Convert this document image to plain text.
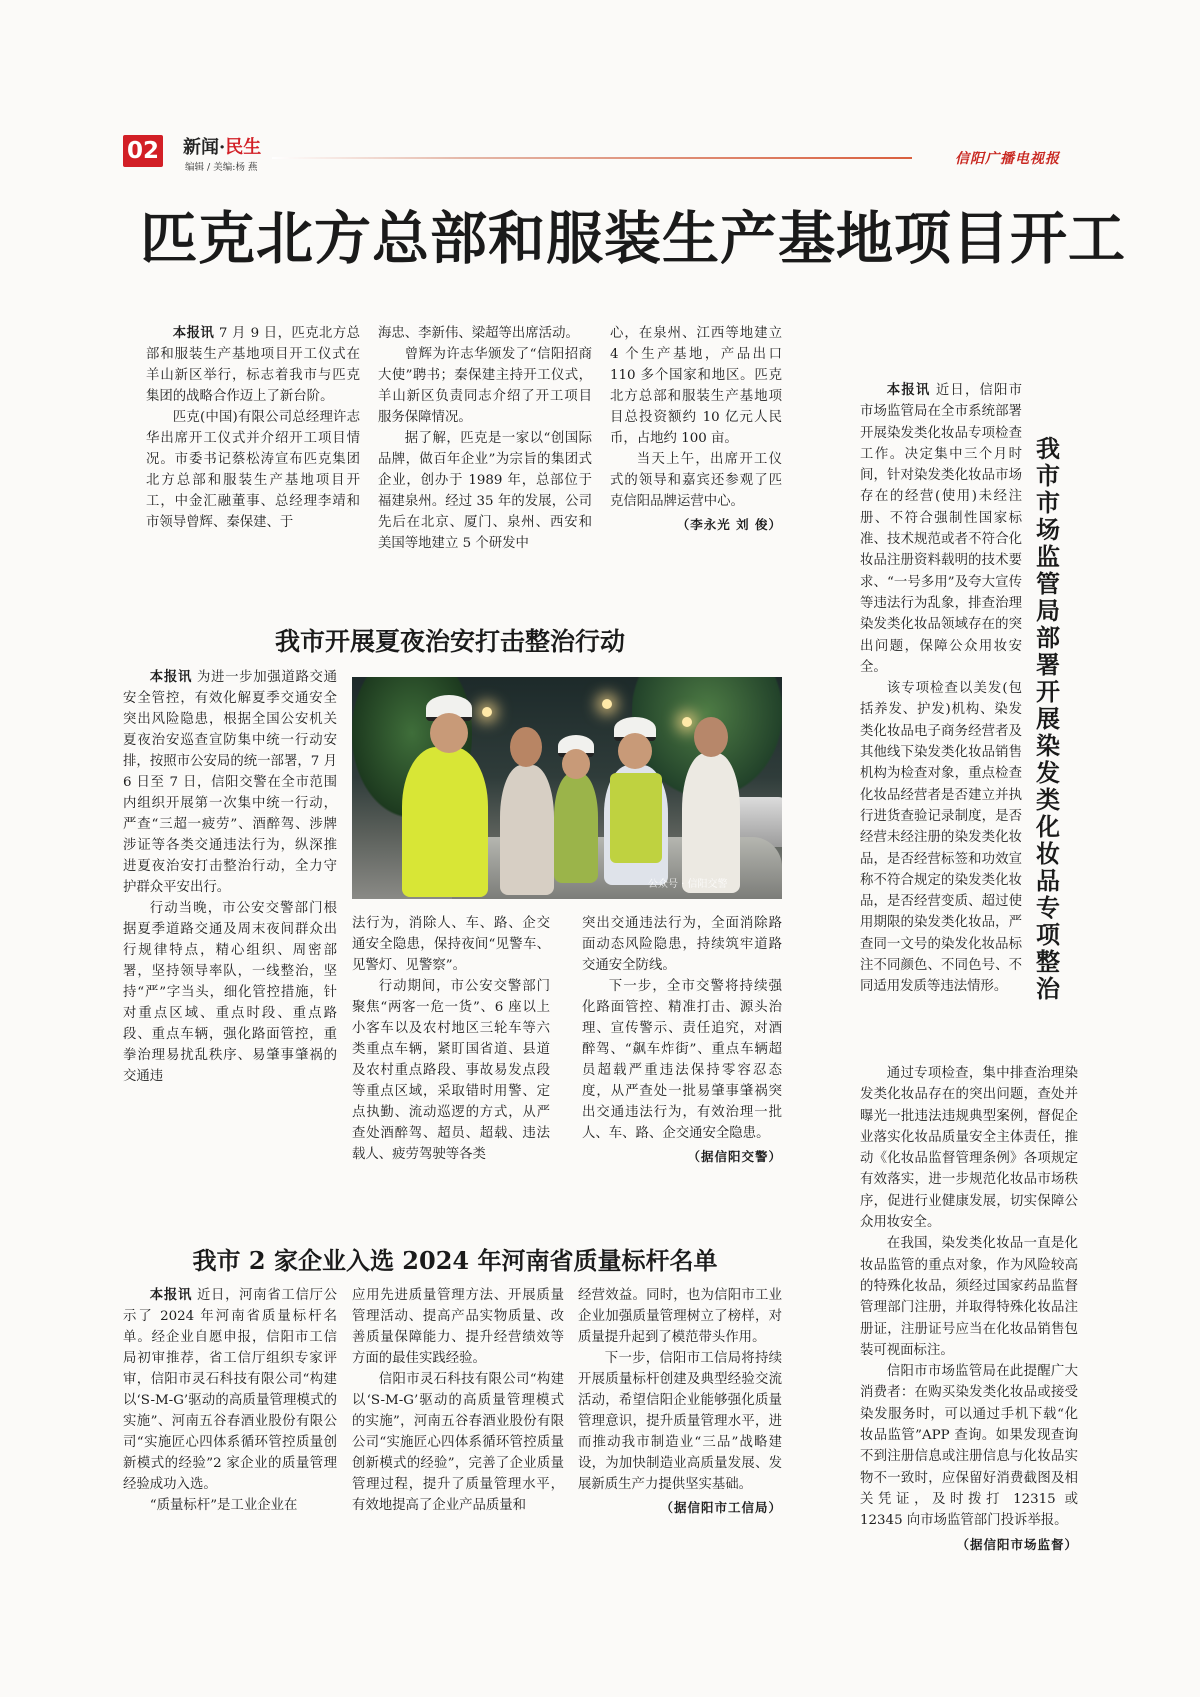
02 新闻·民生
编辑 / 美编:杨 燕
信阳广播电视报
匹克北方总部和服装生产基地项目开工

本报讯 7 月 9 日，匹克北方总部和服装生产基地项目开工仪式在羊山新区举行，标志着我市与匹克集团的战略合作迈上了新台阶。

匹克(中国)有限公司总经理许志华出席开工仪式并介绍开工项目情况。市委书记蔡松涛宣布匹克集团北方总部和服装生产基地项目开工，中金汇融董事、总经理李靖和市领导曾辉、秦保建、于

海忠、李新伟、梁超等出席活动。

曾辉为许志华颁发了“信阳招商大使”聘书；秦保建主持开工仪式，羊山新区负责同志介绍了开工项目服务保障情况。

据了解，匹克是一家以“创国际品牌，做百年企业”为宗旨的集团式企业，创办于 1989 年，总部位于福建泉州。经过 35 年的发展，公司先后在北京、厦门、泉州、西安和美国等地建立 5 个研发中

心，在泉州、江西等地建立 4 个生产基地，产品出口 110 多个国家和地区。匹克北方总部和服装生产基地项目总投资额约 10 亿元人民币，占地约 100 亩。

当天上午，出席开工仪式的领导和嘉宾还参观了匹克信阳品牌运营中心。

（李永光 刘 俊）
我市开展夏夜治安打击整治行动

本报讯 为进一步加强道路交通安全管控，有效化解夏季交通安全突出风险隐患，根据全国公安机关夏夜治安巡查宣防集中统一行动安排，按照市公安局的统一部署，7 月 6 日至 7 日，信阳交警在全市范围内组织开展第一次集中统一行动，严查“三超一疲劳”、酒醉驾、涉牌涉证等各类交通违法行为，纵深推进夏夜治安打击整治行动，全力守护群众平安出行。

行动当晚，市公安交警部门根据夏季道路交通及周末夜间群众出行规律特点，精心组织、周密部署，坚持领导率队，一线整治，坚持“严”字当头，细化管控措施，针对重点区域、重点时段、重点路段、重点车辆，强化路面管控，重拳治理易扰乱秩序、易肇事肇祸的交通违

公众号 · 信阳交警

法行为，消除人、车、路、企交通安全隐患，保持夜间“见警车、见警灯、见警察”。

行动期间，市公安交警部门聚焦“两客一危一货”、6 座以上小客车以及农村地区三轮车等六类重点车辆，紧盯国省道、县道及农村重点路段、事故易发点段等重点区域，采取错时用警、定点执勤、流动巡逻的方式，从严查处酒醉驾、超员、超载、违法载人、疲劳驾驶等各类

突出交通违法行为，全面消除路面动态风险隐患，持续筑牢道路交通安全防线。

下一步，全市交警将持续强化路面管控、精准打击、源头治理、宣传警示、责任追究，对酒醉驾、“飙车炸街”、重点车辆超员超载严重违法保持零容忍态度，从严查处一批易肇事肇祸突出交通违法行为，有效治理一批人、车、路、企交通安全隐患。

（据信阳交警）
我市 2 家企业入选 2024 年河南省质量标杆名单

本报讯 近日，河南省工信厅公示了 2024 年河南省质量标杆名单。经企业自愿申报，信阳市工信局初审推荐，省工信厅组织专家评审，信阳市灵石科技有限公司“构建以‘S-M-G’驱动的高质量管理模式的实施”、河南五谷春酒业股份有限公司“实施匠心四体系循环管控质量创新模式的经验”2 家企业的质量管理经验成功入选。

“质量标杆”是工业企业在

应用先进质量管理方法、开展质量管理活动、提高产品实物质量、改善质量保障能力、提升经营绩效等方面的最佳实践经验。

信阳市灵石科技有限公司“构建以‘S-M-G’驱动的高质量管理模式的实施”，河南五谷春酒业股份有限公司“实施匠心四体系循环管控质量创新模式的经验”，完善了企业质量管理过程，提升了质量管理水平，有效地提高了企业产品质量和

经营效益。同时，也为信阳市工业企业加强质量管理树立了榜样，对质量提升起到了模范带头作用。

下一步，信阳市工信局将持续开展质量标杆创建及典型经验交流活动，希望信阳企业能够强化质量管理意识，提升质量管理水平，进而推动我市制造业“三品”战略建设，为加快制造业高质量发展、发展新质生产力提供坚实基础。

（据信阳市工信局）
我市市场监管局部署开展染发类化妆品专项整治

本报讯 近日，信阳市市场监管局在全市系统部署开展染发类化妆品专项检查工作。决定集中三个月时间，针对染发类化妆品市场存在的经营(使用)未经注册、不符合强制性国家标准、技术规范或者不符合化妆品注册资料载明的技术要求、“一号多用”及夸大宣传等违法行为乱象，排查治理染发类化妆品领域存在的突出问题，保障公众用妆安全。

该专项检查以美发(包括养发、护发)机构、染发类化妆品电子商务经营者及其他线下染发类化妆品销售机构为检查对象，重点检查化妆品经营者是否建立并执行进货查验记录制度，是否经营未经注册的染发类化妆品，是否经营标签和功效宣称不符合规定的染发类化妆品，是否经营变质、超过使用期限的染发类化妆品，严查同一文号的染发化妆品标注不同颜色、不同色号、不同适用发质等违法情形。

通过专项检查，集中排查治理染发类化妆品存在的突出问题，查处并曝光一批违法违规典型案例，督促企业落实化妆品质量安全主体责任，推动《化妆品监督管理条例》各项规定有效落实，进一步规范化妆品市场秩序，促进行业健康发展，切实保障公众用妆安全。

在我国，染发类化妆品一直是化妆品监管的重点对象，作为风险较高的特殊化妆品，须经过国家药品监督管理部门注册，并取得特殊化妆品注册证，注册证号应当在化妆品销售包装可视面标注。

信阳市市场监管局在此提醒广大消费者：在购买染发类化妆品或接受染发服务时，可以通过手机下载“化妆品监管”APP 查询。如果发现查询不到注册信息或注册信息与化妆品实物不一致时，应保留好消费截图及相关凭证，及时拨打 12315 或 12345 向市场监管部门投诉举报。

（据信阳市场监督）
